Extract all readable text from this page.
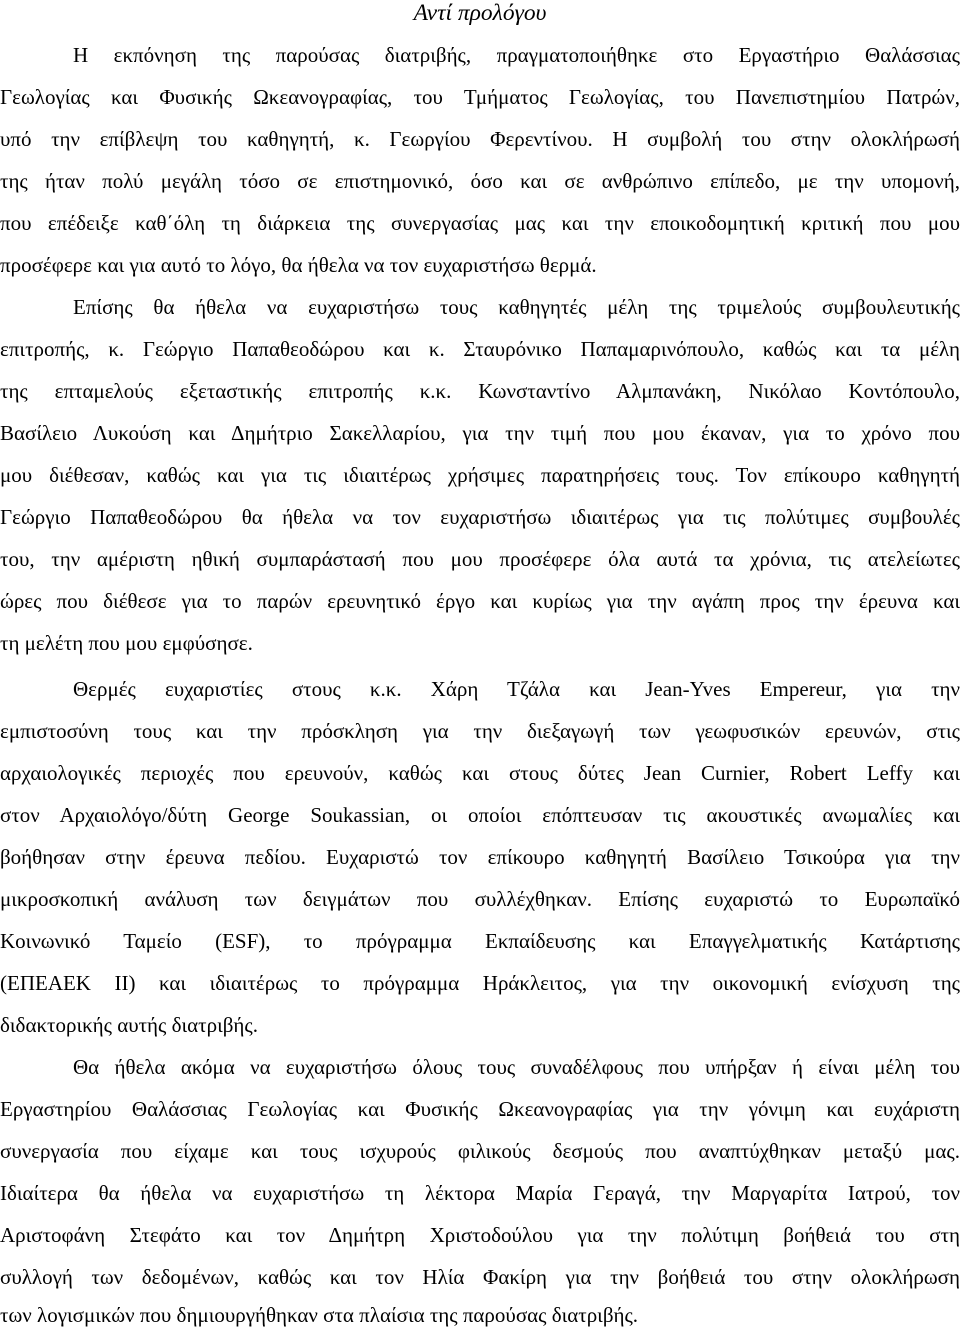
Αντί προλόγου
Η εκπόνηση της παρούσας διατριβής, πραγματοποιήθηκε στο Εργαστήριο Θαλάσσιας
Γεωλογίας και Φυσικής Ωκεανογραφίας, του Τμήματος Γεωλογίας, του Πανεπιστημίου Πατρών,
υπό την επίβλεψη του καθηγητή, κ. Γεωργίου Φερεντίνου. Η συμβολή του στην ολοκλήρωσή
της ήταν πολύ μεγάλη τόσο σε επιστημονικό, όσο και σε ανθρώπινο επίπεδο, με την υπομονή,
που επέδειξε καθ΄όλη τη διάρκεια της συνεργασίας μας και την εποικοδομητική κριτική που μου
προσέφερε και για αυτό το λόγο, θα ήθελα να τον ευχαριστήσω θερμά.
Επίσης θα ήθελα να ευχαριστήσω τους καθηγητές μέλη της τριμελούς συμβουλευτικής
επιτροπής, κ. Γεώργιο Παπαθεοδώρου και κ. Σταυρόνικο Παπαμαρινόπουλο, καθώς και τα μέλη
της επταμελούς εξεταστικής επιτροπής κ.κ. Κωνσταντίνο Αλμπανάκη, Νικόλαο Κοντόπουλο,
Βασίλειο Λυκούση και Δημήτριο Σακελλαρίου, για την τιμή που μου έκαναν, για το χρόνο που
μου διέθεσαν, καθώς και για τις ιδιαιτέρως χρήσιμες παρατηρήσεις τους. Τον επίκουρο καθηγητή
Γεώργιο Παπαθεοδώρου θα ήθελα να τον ευχαριστήσω ιδιαιτέρως για τις πολύτιμες συμβουλές
του, την αμέριστη ηθική συμπαράστασή που μου προσέφερε όλα αυτά τα χρόνια, τις ατελείωτες
ώρες που διέθεσε για το παρών ερευνητικό έργο και κυρίως για την αγάπη προς την έρευνα και
τη μελέτη που μου εμφύσησε.
Θερμές ευχαριστίες στους κ.κ. Χάρη Τζάλα και Jean-Yves Empereur, για την
εμπιστοσύνη τους και την πρόσκληση για την διεξαγωγή των γεωφυσικών ερευνών, στις
αρχαιολογικές περιοχές που ερευνούν, καθώς και στους δύτες Jean Curnier, Robert Leffy και
στον Αρχαιολόγο/δύτη George Soukassian, οι οποίοι επόπτευσαν τις ακουστικές ανωμαλίες και
βοήθησαν στην έρευνα πεδίου. Ευχαριστώ τον επίκουρο καθηγητή Βασίλειο Τσικούρα για την
μικροσκοπική ανάλυση των δειγμάτων που συλλέχθηκαν. Επίσης ευχαριστώ το Ευρωπαϊκό
Κοινωνικό Ταμείο (ESF), το πρόγραμμα Εκπαίδευσης και Επαγγελματικής Κατάρτισης
(ΕΠΕΑΕΚ ΙΙ) και ιδιαιτέρως το πρόγραμμα Ηράκλειτος, για την οικονομική ενίσχυση της
διδακτορικής αυτής διατριβής.
Θα ήθελα ακόμα να ευχαριστήσω όλους τους συναδέλφους που υπήρξαν ή είναι μέλη του
Εργαστηρίου Θαλάσσιας Γεωλογίας και Φυσικής Ωκεανογραφίας για την γόνιμη και ευχάριστη
συνεργασία που είχαμε και τους ισχυρούς φιλικούς δεσμούς που αναπτύχθηκαν μεταξύ μας.
Ιδιαίτερα θα ήθελα να ευχαριστήσω τη λέκτορα Μαρία Γεραγά, την Μαργαρίτα Ιατρού, τον
Αριστοφάνη Στεφάτο και τον Δημήτρη Χριστοδούλου για την πολύτιμη βοήθειά του στη
συλλογή των δεδομένων, καθώς και τον Ηλία Φακίρη για την βοήθειά του στην ολοκλήρωση
των λογισμικών που δημιουργήθηκαν στα πλαίσια της παρούσας διατριβής.
